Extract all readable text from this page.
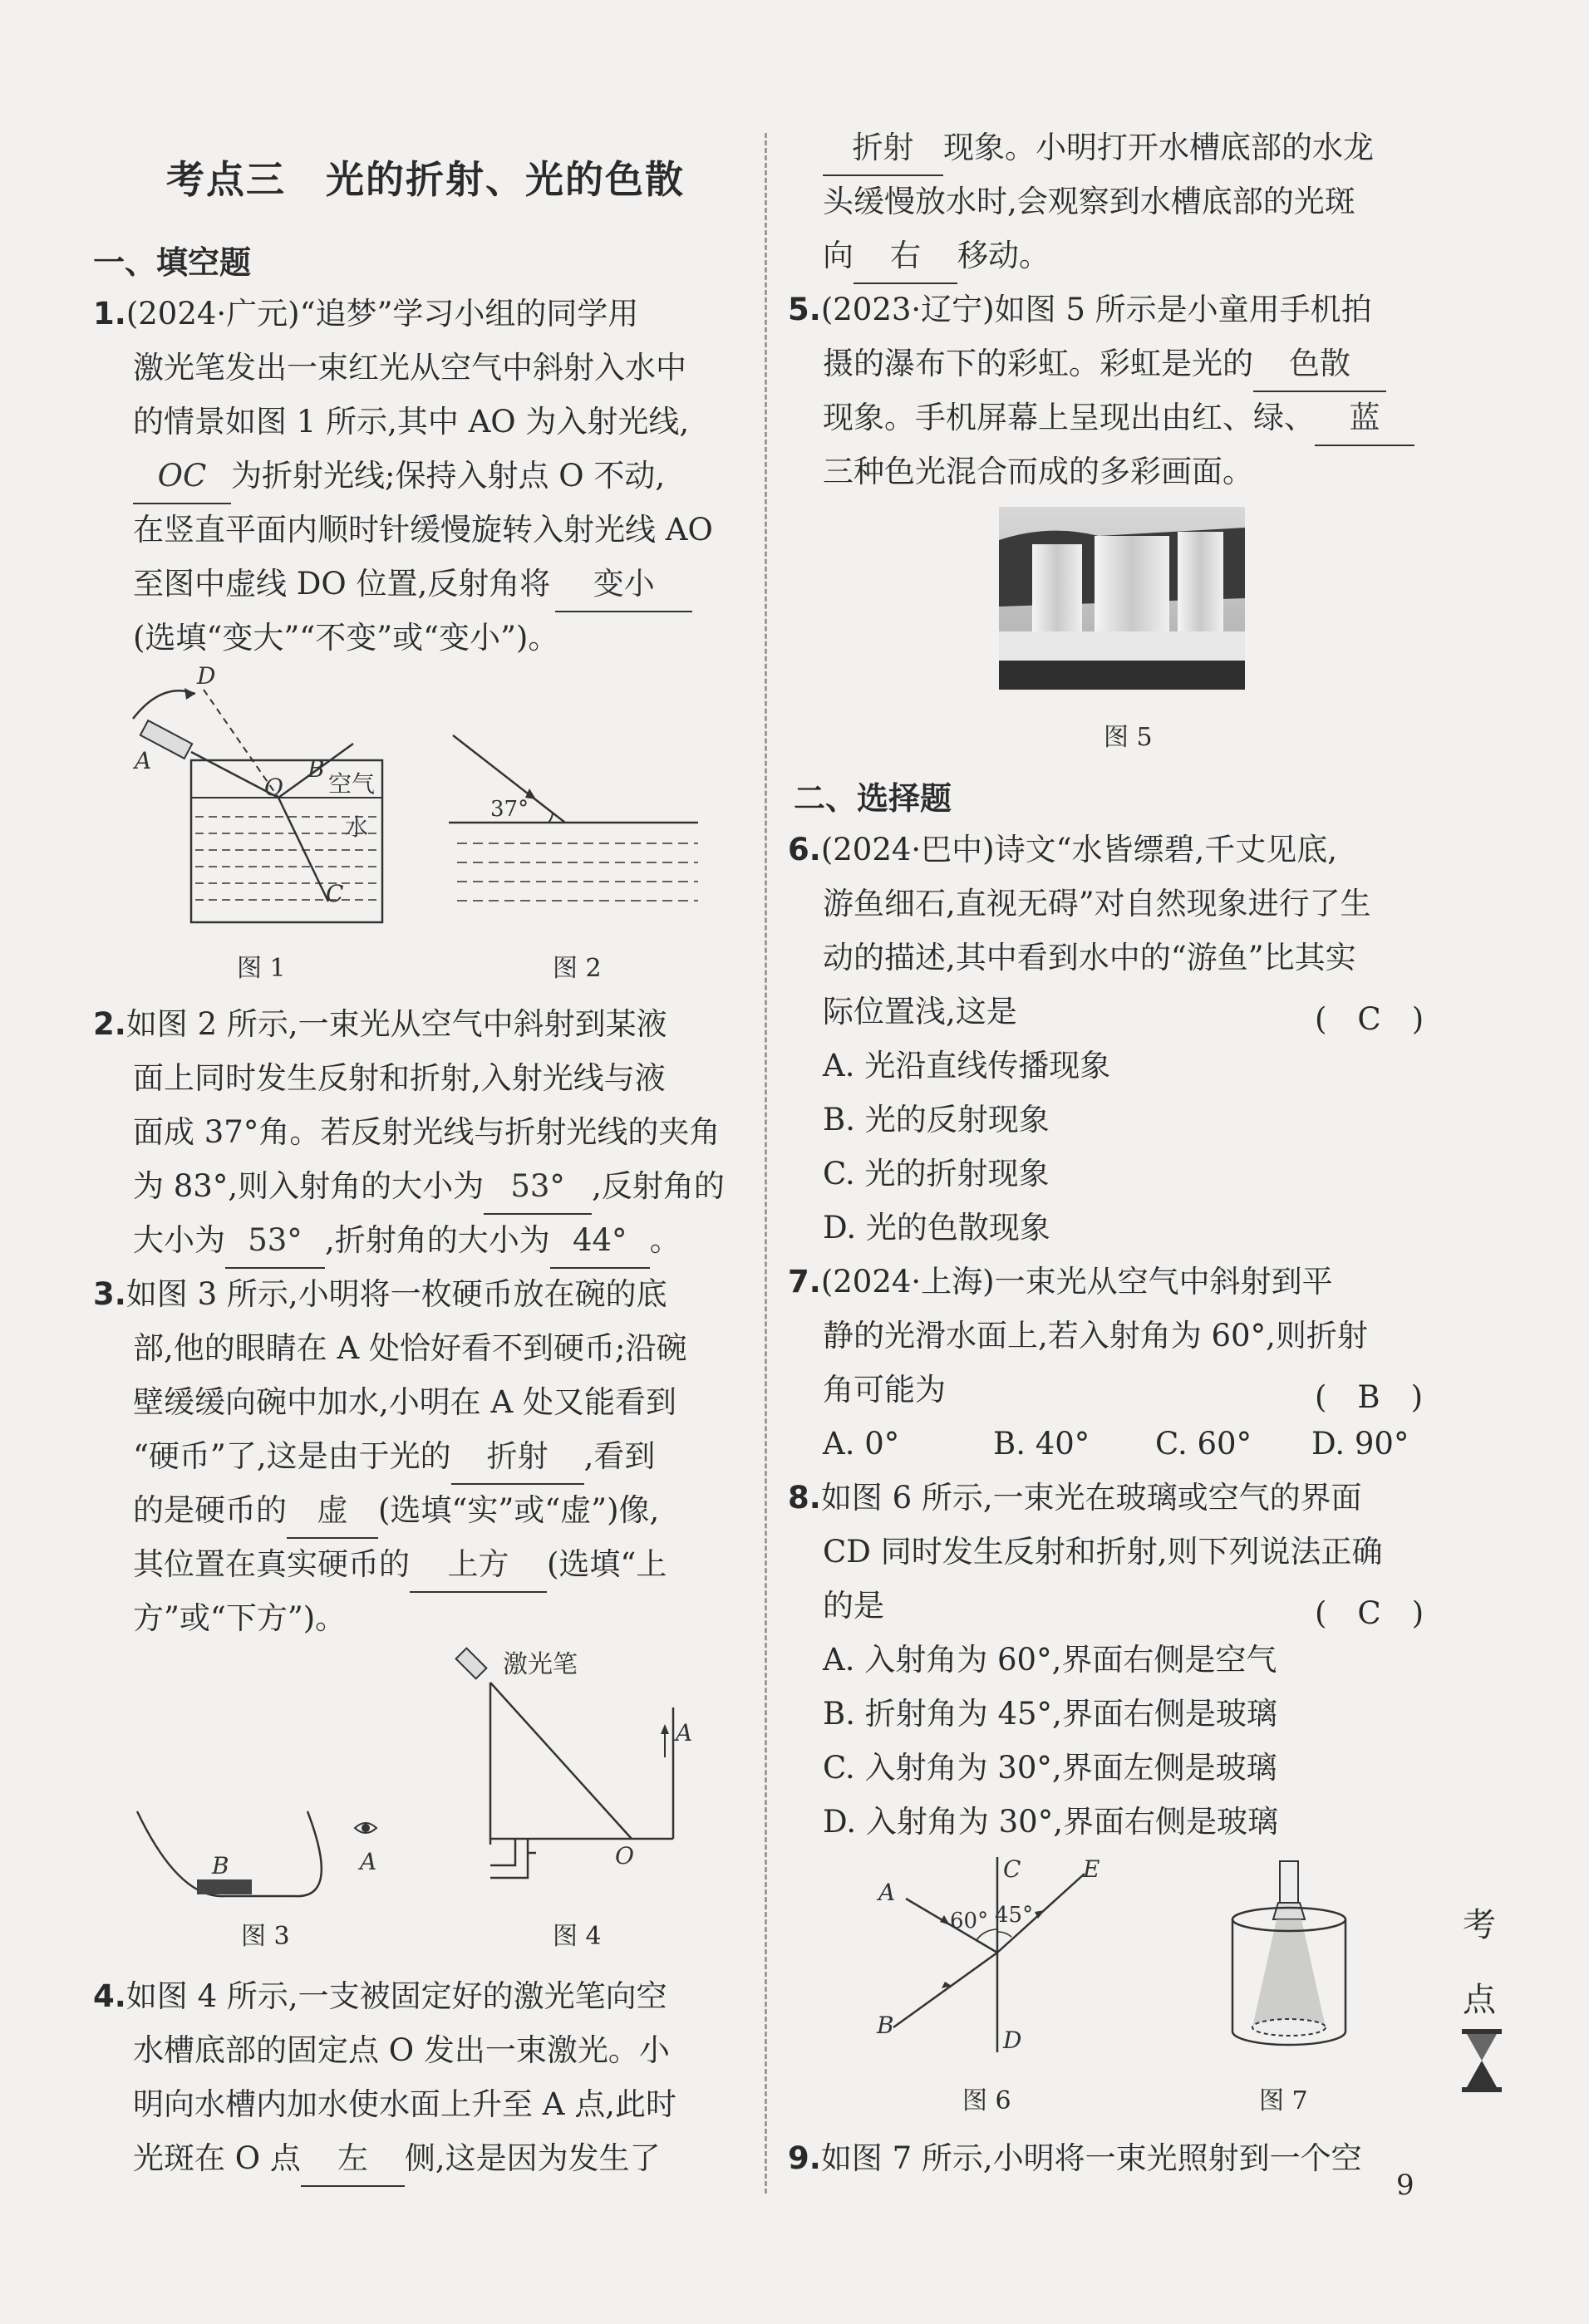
考点三　光的折射、光的色散
一、填空题
1.(2024·广元)“追梦”学习小组的同学用
激光笔发出一束红光从空气中斜射入水中
的情景如图 1 所示,其中 AO 为入射光线,
OC 为折射光线;保持入射点 O 不动,
在竖直平面内顺时针缓慢旋转入射光线 AO
至图中虚线 DO 位置,反射角将 变小
(选填“变大”“不变”或“变小”)。
D
A	B
O
C
空气
水
图 1
37°
图 2
2.如图 2 所示,一束光从空气中斜射到某液
面上同时发生反射和折射,入射光线与液
面成 37°角。若反射光线与折射光线的夹角
为 83°,则入射角的大小为 53° ,反射角的
大小为 53° ,折射角的大小为 44° 。
3.如图 3 所示,小明将一枚硬币放在碗的底
部,他的眼睛在 A 处恰好看不到硬币;沿碗
壁缓缓向碗中加水,小明在 A 处又能看到
“硬币”了,这是由于光的 折射 ,看到
的是硬币的 虚 (选填“实”或“虚”)像,
其位置在真实硬币的 上方 (选填“上
方”或“下方”)。
B	A
图 3
激光笔
A
O
图 4
4.如图 4 所示,一支被固定好的激光笔向空
水槽底部的固定点 O 发出一束激光。小
明向水槽内加水使水面上升至 A 点,此时
光斑在 O 点 左 侧,这是因为发生了
折射 现象。小明打开水槽底部的水龙
头缓慢放水时,会观察到水槽底部的光斑
向 右 移动。
5.(2023·辽宁)如图 5 所示是小童用手机拍
摄的瀑布下的彩虹。彩虹是光的 色散
现象。手机屏幕上呈现出由红、绿、 蓝
三种色光混合而成的多彩画面。
图 5
二、选择题
6.(2024·巴中)诗文“水皆缥碧,千丈见底,
游鱼细石,直视无碍”对自然现象进行了生
动的描述,其中看到水中的“游鱼”比其实
际位置浅,这是	(　C　)
A. 光沿直线传播现象
B. 光的反射现象
C. 光的折射现象
D. 光的色散现象
7.(2024·上海)一束光从空气中斜射到平
静的光滑水面上,若入射角为 60°,则折射
角可能为	(　B　)
A. 0°	B. 40° C. 60° D. 90°
8.如图 6 所示,一束光在玻璃或空气的界面
CD 同时发生反射和折射,则下列说法正确
的是	(　C　)
A. 入射角为 60°,界面右侧是空气
B. 折射角为 45°,界面右侧是玻璃
C. 入射角为 30°,界面左侧是玻璃
D. 入射角为 30°,界面右侧是玻璃
A
B
C
D
E
60° 45°
图 6	图 7
9.如图 7 所示,小明将一束光照射到一个空
考
点
9
